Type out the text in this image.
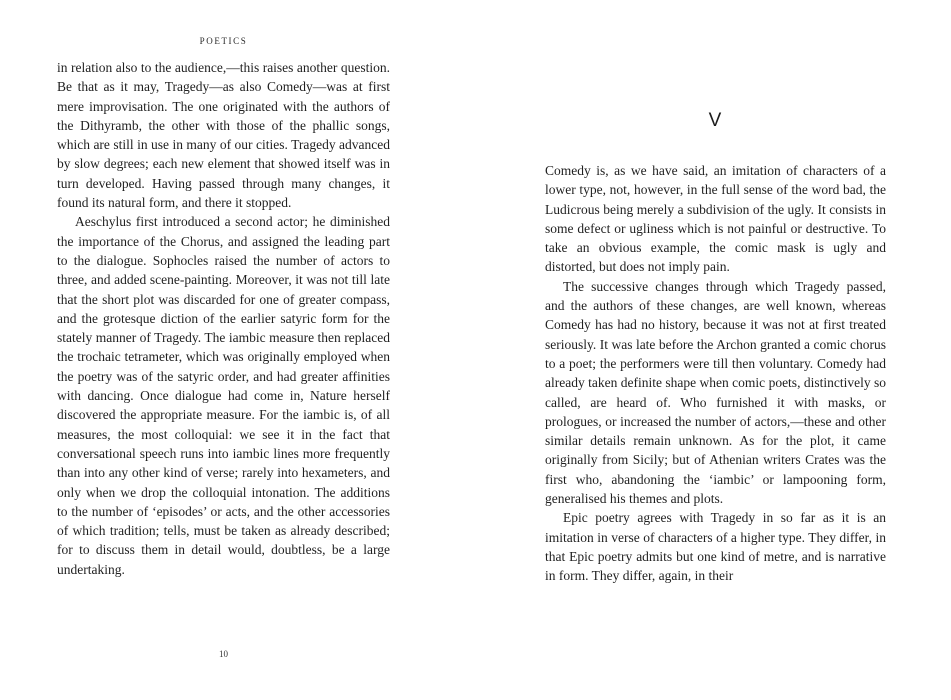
POETICS

in relation also to the audience,—this raises another question. Be that as it may, Tragedy—as also Comedy—was at first mere improvisation. The one originated with the authors of the Dithyramb, the other with those of the phallic songs, which are still in use in many of our cities. Tragedy advanced by slow degrees; each new element that showed itself was in turn developed. Having passed through many changes, it found its natural form, and there it stopped.

Aeschylus first introduced a second actor; he diminished the importance of the Chorus, and assigned the leading part to the dialogue. Sophocles raised the number of actors to three, and added scene-painting. Moreover, it was not till late that the short plot was discarded for one of greater compass, and the grotesque diction of the earlier satyric form for the stately manner of Tragedy. The iambic measure then replaced the trochaic tetrameter, which was originally employed when the poetry was of the satyric order, and had greater affinities with dancing. Once dialogue had come in, Nature herself discovered the appropriate measure. For the iambic is, of all measures, the most colloquial: we see it in the fact that conversational speech runs into iambic lines more frequently than into any other kind of verse; rarely into hexameters, and only when we drop the colloquial intonation. The additions to the number of ‘episodes’ or acts, and the other accessories of which tradition; tells, must be taken as already described; for to discuss them in detail would, doubtless, be a large undertaking.

10
V

Comedy is, as we have said, an imitation of characters of a lower type, not, however, in the full sense of the word bad, the Ludicrous being merely a subdivision of the ugly. It consists in some defect or ugliness which is not painful or destructive. To take an obvious example, the comic mask is ugly and distorted, but does not imply pain.

The successive changes through which Tragedy passed, and the authors of these changes, are well known, whereas Comedy has had no history, because it was not at first treated seriously. It was late before the Archon granted a comic chorus to a poet; the performers were till then voluntary. Comedy had already taken definite shape when comic poets, distinctively so called, are heard of. Who furnished it with masks, or prologues, or increased the number of actors,—these and other similar details remain unknown. As for the plot, it came originally from Sicily; but of Athenian writers Crates was the first who, abandoning the ‘iambic’ or lampooning form, generalised his themes and plots.

Epic poetry agrees with Tragedy in so far as it is an imitation in verse of characters of a higher type. They differ, in that Epic poetry admits but one kind of metre, and is narrative in form. They differ, again, in their
